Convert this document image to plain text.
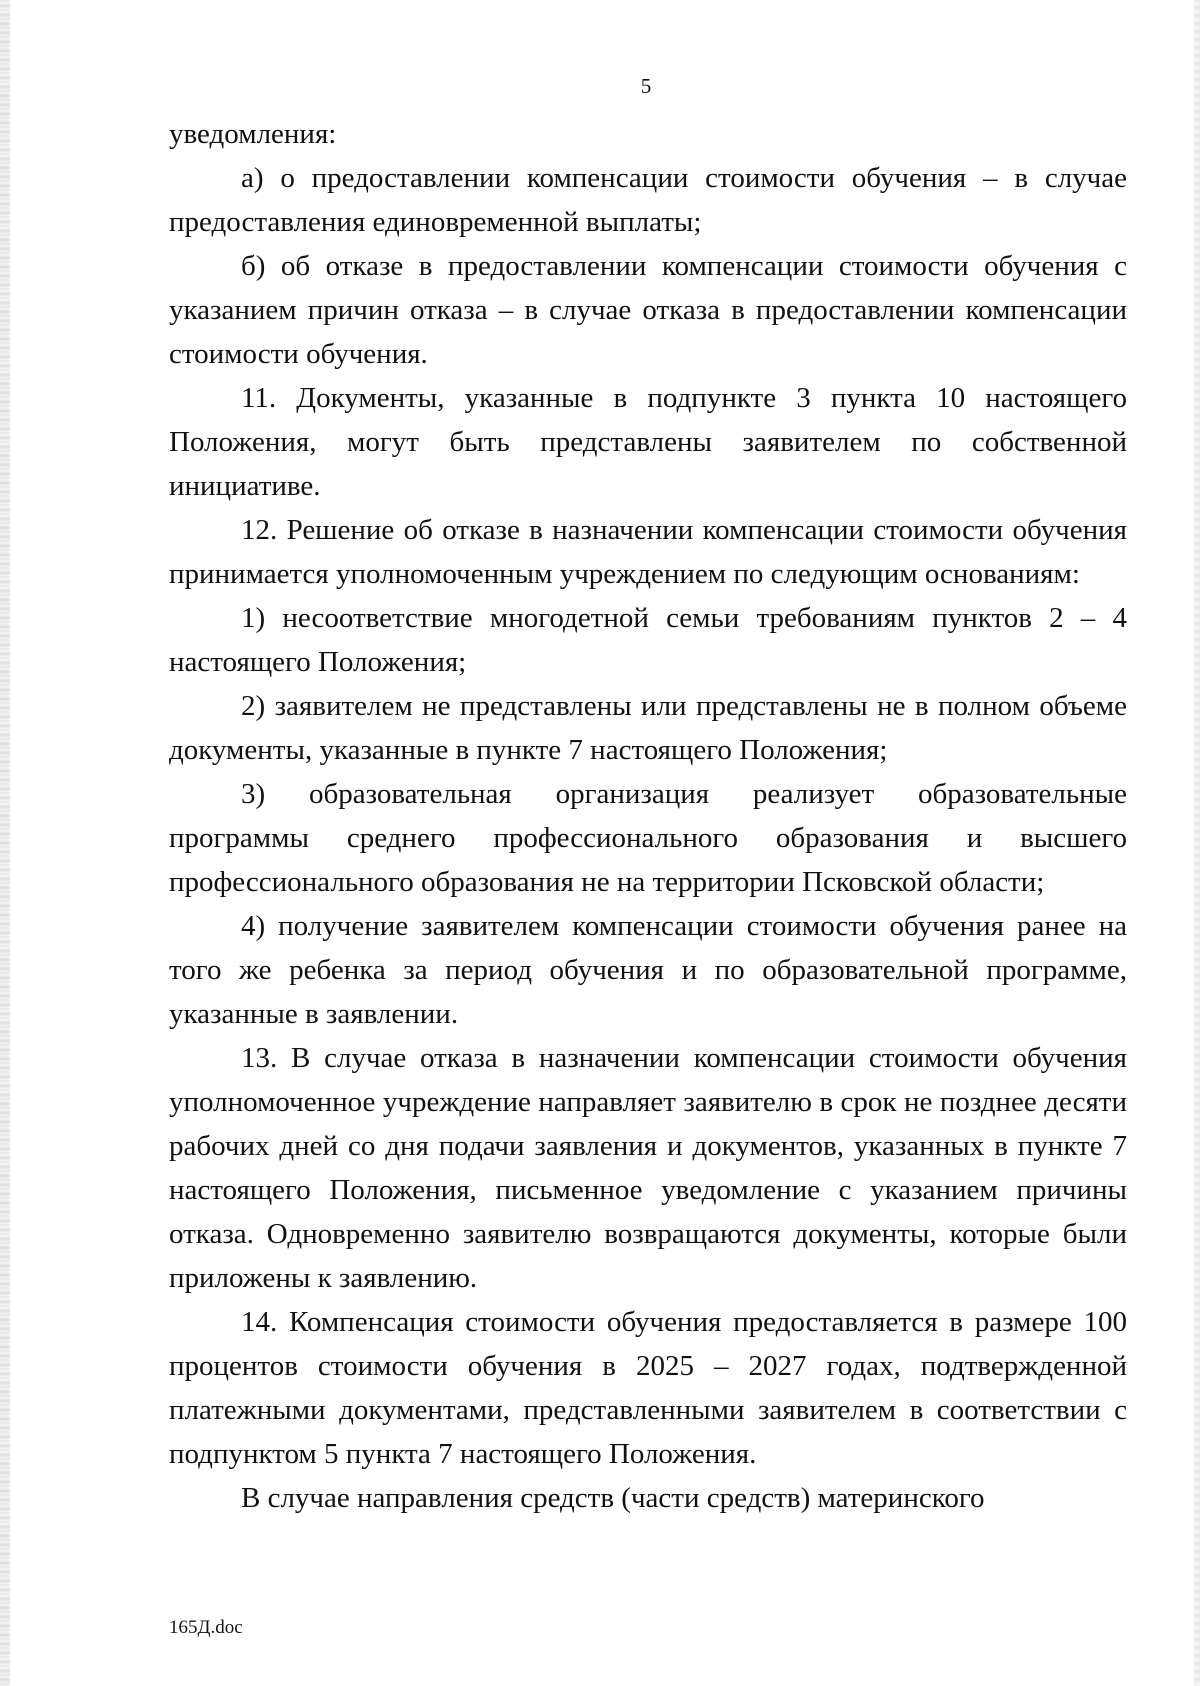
5

уведомления:

а) о предоставлении компенсации стоимости обучения – в случае предоставления единовременной выплаты;

б) об отказе в предоставлении компенсации стоимости обучения с указанием причин отказа – в случае отказа в предоставлении компенсации стоимости обучения.

11. Документы, указанные в подпункте 3 пункта 10 настоящего Положения, могут быть представлены заявителем по собственной инициативе.

12. Решение об отказе в назначении компенсации стоимости обучения принимается уполномоченным учреждением по следующим основаниям:

1) несоответствие многодетной семьи требованиям пунктов 2 – 4 настоящего Положения;

2) заявителем не представлены или представлены не в полном объеме документы, указанные в пункте 7 настоящего Положения;

3) образовательная организация реализует образовательные программы среднего профессионального образования и высшего профессионального образования не на территории Псковской области;

4) получение заявителем компенсации стоимости обучения ранее на того же ребенка за период обучения и по образовательной программе, указанные в заявлении.

13. В случае отказа в назначении компенсации стоимости обучения уполномоченное учреждение направляет заявителю в срок не позднее десяти рабочих дней со дня подачи заявления и документов, указанных в пункте 7 настоящего Положения, письменное уведомление с указанием причины отказа. Одновременно заявителю возвращаются документы, которые были приложены к заявлению.

14. Компенсация стоимости обучения предоставляется в размере 100 процентов стоимости обучения в 2025 – 2027 годах, подтвержденной платежными документами, представленными заявителем в соответствии с подпунктом 5 пункта 7 настоящего Положения.

В случае направления средств (части средств) материнского

165Д.doc
